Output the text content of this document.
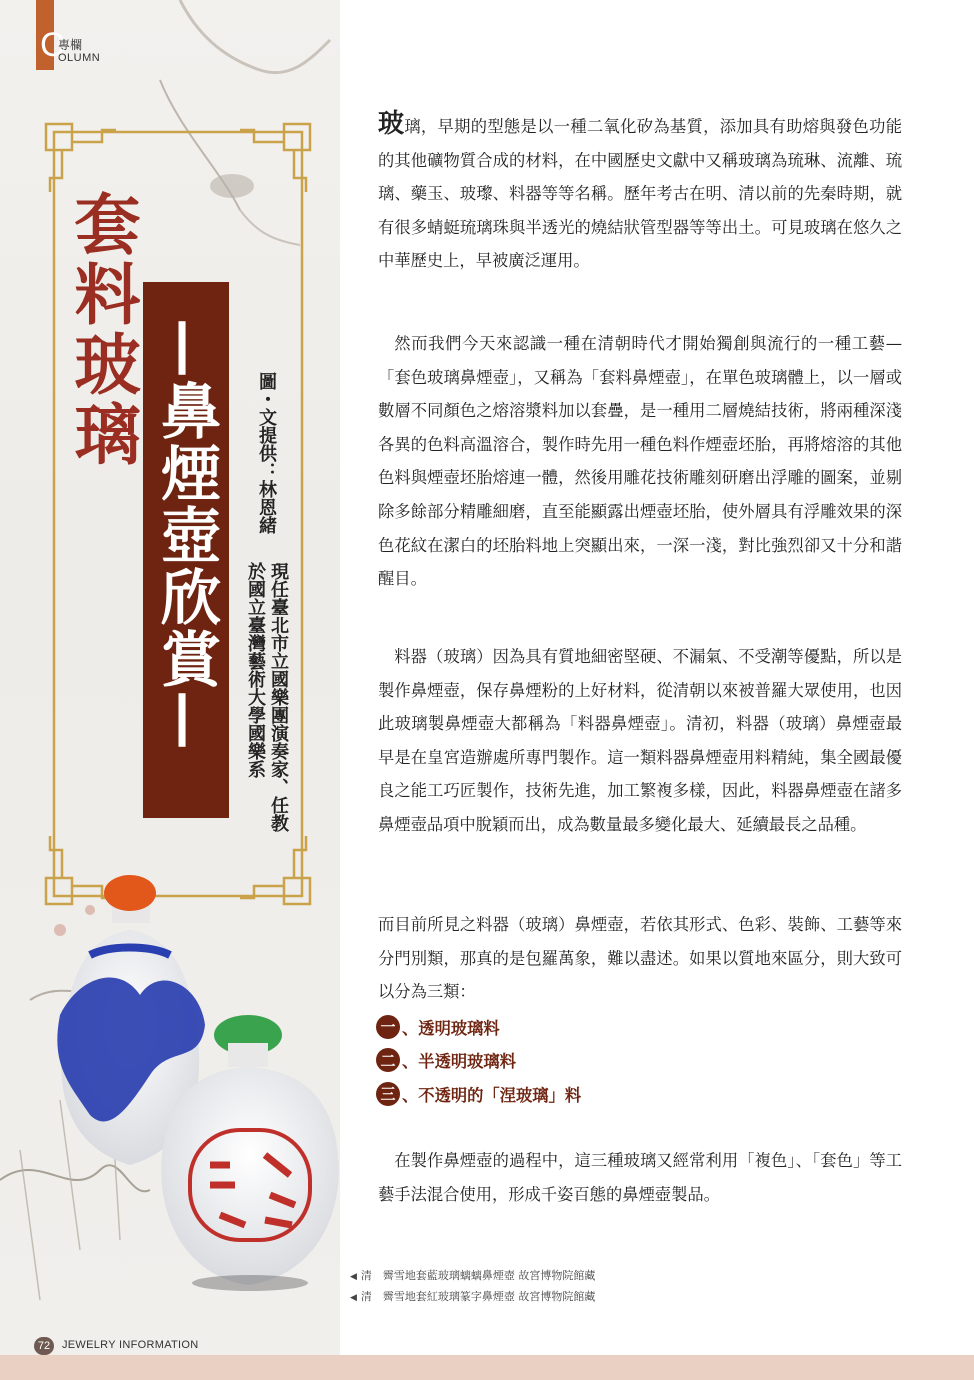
C
專欄
OLUMN
套料玻璃 —鼻煙壺欣賞— 圖・文提供：林恩緒
現任臺北市立國樂團演奏家、任教於國立臺灣藝術大學國樂系
玻璃，早期的型態是以一種二氧化矽為基質，添加具有助熔與發色功能的其他礦物質合成的材料，在中國歷史文獻中又稱玻璃為琉琳、流離、琉璃、藥玉、玻瓈、料器等等名稱。歷年考古在明、清以前的先秦時期，就有很多蜻蜓琉璃珠與半透光的燒結狀管型器等等出土。可見玻璃在悠久之中華歷史上，早被廣泛運用。
然而我們今天來認識一種在清朝時代才開始獨創與流行的一種工藝—「套色玻璃鼻煙壺」，又稱為「套料鼻煙壺」，在單色玻璃體上，以一層或數層不同顏色之熔溶漿料加以套疊，是一種用二層燒結技術，將兩種深淺各異的色料高溫溶合，製作時先用一種色料作煙壺坯胎，再將熔溶的其他色料與煙壺坯胎熔連一體，然後用雕花技術雕刻研磨出浮雕的圖案，並剔除多餘部分精雕細磨，直至能顯露出煙壺坯胎，使外層具有浮雕效果的深色花紋在潔白的坯胎料地上突顯出來，一深一淺，對比強烈卻又十分和諧醒目。
料器（玻璃）因為具有質地細密堅硬、不漏氣、不受潮等優點，所以是製作鼻煙壺，保存鼻煙粉的上好材料，從清朝以來被普羅大眾使用，也因此玻璃製鼻煙壺大都稱為「料器鼻煙壺」。清初，料器（玻璃）鼻煙壺最早是在皇宮造辦處所專門製作。這一類料器鼻煙壺用料精純，集全國最優良之能工巧匠製作，技術先進，加工繁複多樣，因此，料器鼻煙壺在諸多鼻煙壺品項中脫穎而出，成為數量最多變化最大、延續最長之品種。
而目前所見之料器（玻璃）鼻煙壺，若依其形式、色彩、裝飾、工藝等來分門別類，那真的是包羅萬象，難以盡述。如果以質地來區分，則大致可以分為三類：
一 、透明玻璃料
二 、半透明玻璃料
三 、不透明的「涅玻璃」料
在製作鼻煙壺的過程中，這三種玻璃又經常利用「複色」、「套色」等工藝手法混合使用，形成千姿百態的鼻煙壺製品。
◀ 清　霽雪地套藍玻璃螭螭鼻煙壺 故宮博物院館藏
◀ 清　霽雪地套紅玻璃篆字鼻煙壺 故宮博物院館藏
72	JEWELRY INFORMATION
